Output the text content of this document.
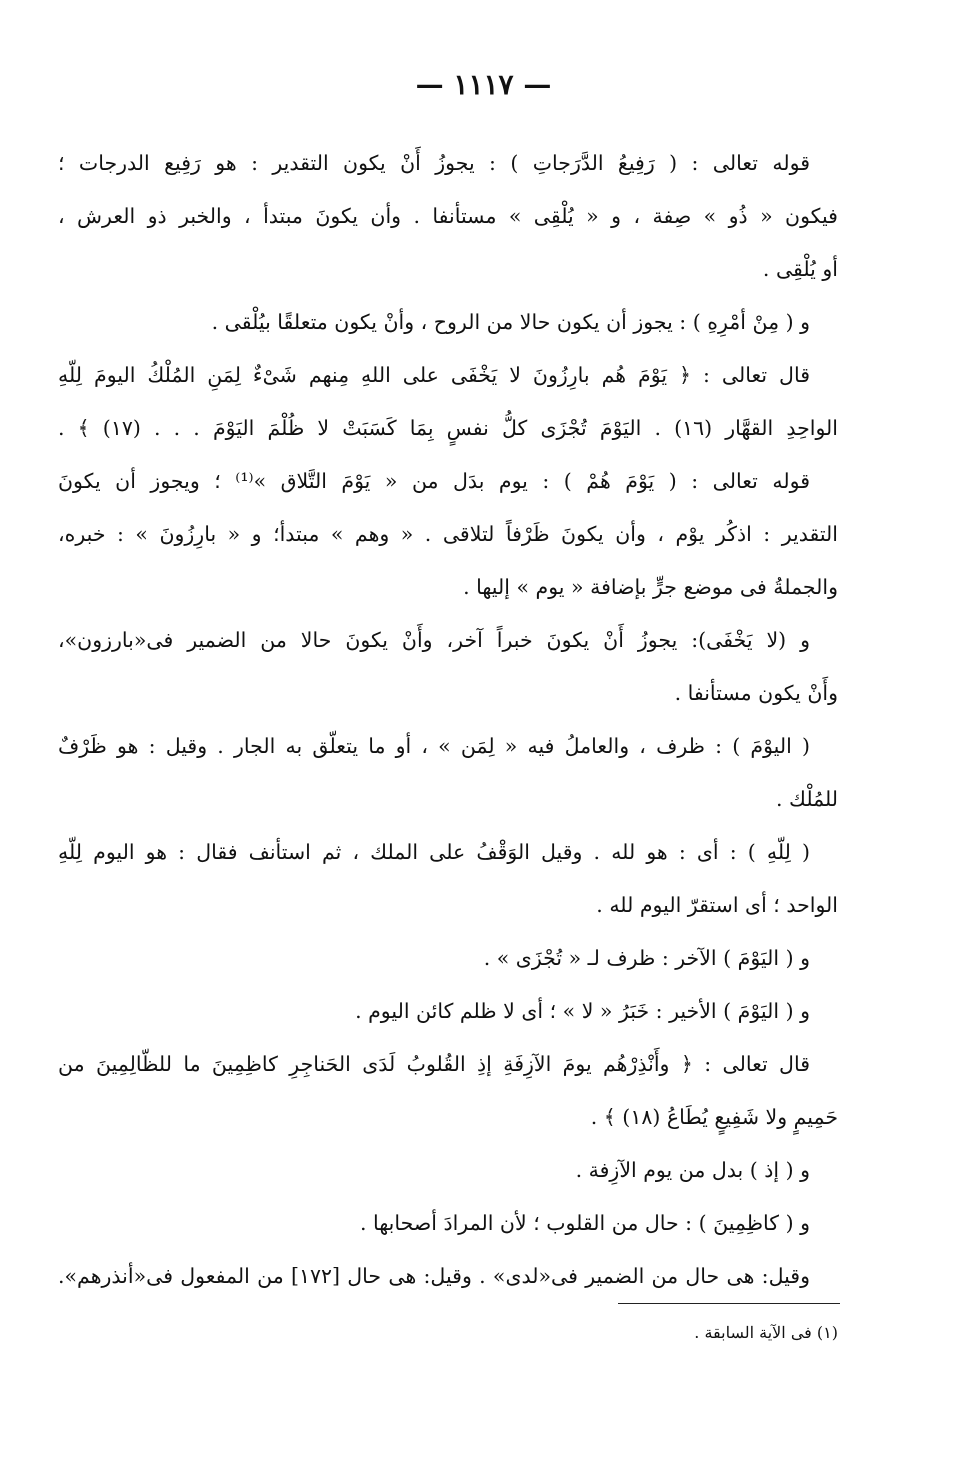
— ١١١٧ —
قوله تعالى : ( رَفِيعُ الدَّرَجاتِ ) : يجوزُ أَنْ يكون التقدير : هو رَفِيع الدرجات ؛
فيكون « ذُو » صِفة ، و « يُلْقِى » مستأنفا . وأن يكونَ مبتدأ ، والخبر ذو العرش ،
أو يُلْقِى .
و ( مِنْ أمْرِهِ ) : يجوز أن يكون حالا من الروح ، وأنْ يكون متعلقًا بيُلْقى .
قال تعالى : ﴿ يَوْمَ هُم بارِزُونَ لا يَخْفَى على اللهِ مِنهم شَىْءٌ لِمَنِ المُلْكُ اليومَ لِلّهِ
الواحِدِ القهَّار (١٦) . اليَوْمَ تُجْزَى كلُّ نفسٍ بِمَا كَسَبَتْ لا ظُلْمَ اليَوْمَ . . . (١٧) ﴾ .
قوله تعالى : ( يَوْمَ هُمْ ) : يوم بدَل من « يَوْمَ التَّلاق »⁽¹⁾ ؛ ويجوز أن يكونَ
التقدير : اذكُر يوْم ، وأن يكونَ ظَرْفاً لتلاقى . « وهم » مبتدأ؛ و « بارِزُونَ » : خبره،
والجملةُ فى موضع جرٍّ بإضافة « يوم » إليها .
و (لا يَخْفَى): يجوزُ أَنْ يكونَ خبراً آخر، وأَنْ يكونَ حالا من الضمير فى«بارزون»،
وأَنْ يكون مستأنفا .
( اليوْمَ ) : ظرف ، والعاملُ فيه « لِمَن » ، أو ما يتعلّق به الجار . وقيل : هو ظَرْفٌ
للمُلْك .
( لِلّهِ ) : أى : هو لله . وقيل الوَقْفُ على الملك ، ثم استأنف فقال : هو اليوم لِلّهِ
الواحد ؛ أى استقرّ اليوم لله .
و ( اليَوْمَ ) الآخر : ظرف لـ « تُجْزَى » .
و ( اليَوْمَ ) الأخير : خَبَرُ « لا » ؛ أى لا ظلم كائن اليوم .
قال تعالى : ﴿ وأَنْذِرْهُم يومَ الآزِفَةِ إذِ القُلوبُ لَدَى الحَناجِرِ كاظِمِينَ ما للظّالِمِينَ من
حَمِيمٍ ولا شَفِيعٍ يُطَاعُ (١٨) ﴾ .
و ( إذ ) بدل من يوم الآزِفة .
و ( كاظِمِينَ ) : حال من القلوب ؛ لأن المرادَ أصحابها .
وقيل: هى حال من الضمير فى«لدى» . وقيل: هى حال [١٧٢] من المفعول فى«أنذرهم».
(١) فى الآية السابقة .
